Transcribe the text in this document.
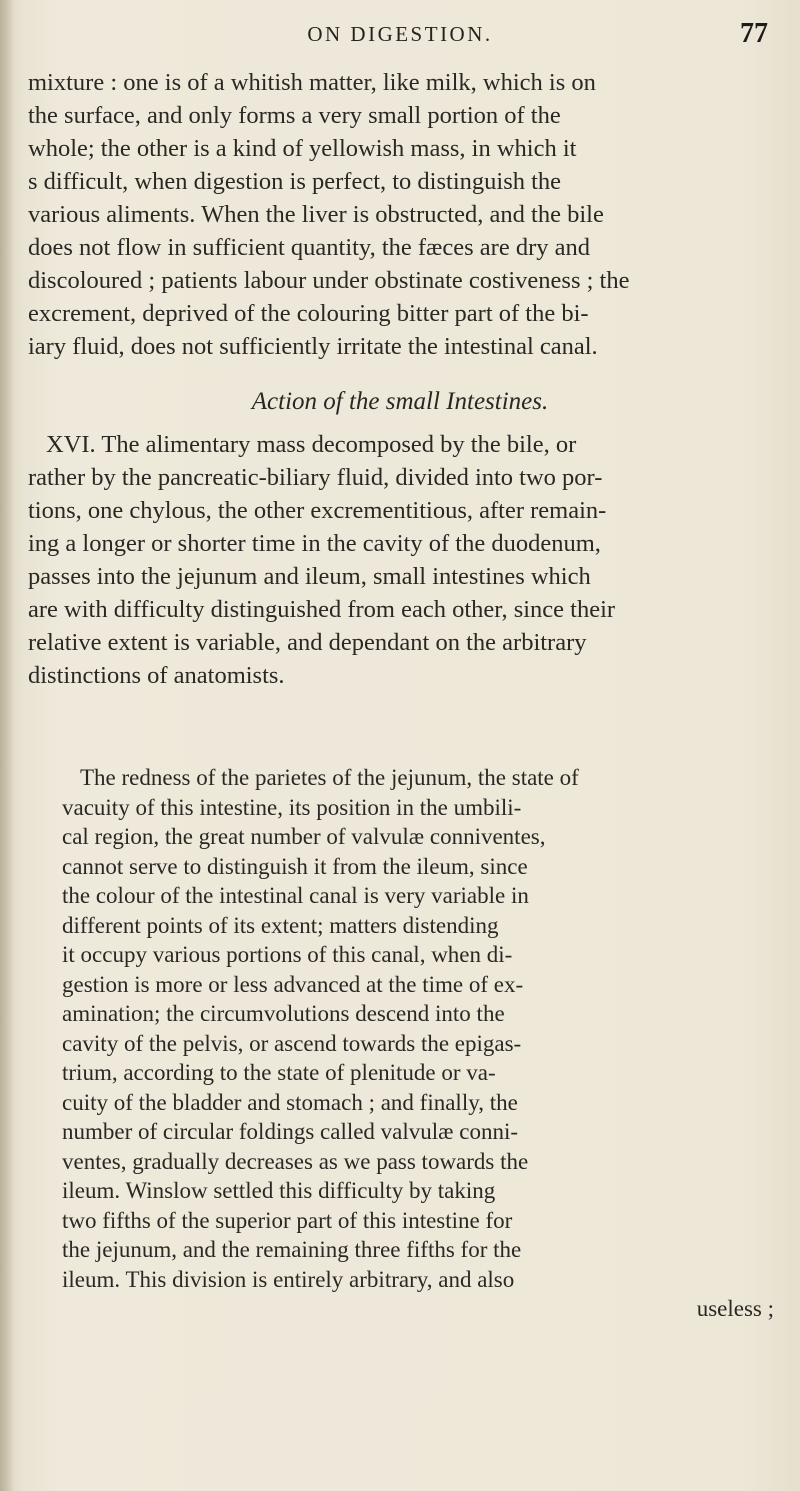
ON DIGESTION.	77
mixture : one is of a whitish matter, like milk, which is on
the surface, and only forms a very small portion of the
whole; the other is a kind of yellowish mass, in which it
s difficult, when digestion is perfect, to distinguish the
various aliments. When the liver is obstructed, and the bile
does not flow in sufficient quantity, the fæces are dry and
discoloured ; patients labour under obstinate costiveness ; the
excrement, deprived of the colouring bitter part of the bi-
iary fluid, does not sufficiently irritate the intestinal canal.
Action of the small Intestines.
XVI. The alimentary mass decomposed by the bile, or
rather by the pancreatic-biliary fluid, divided into two por-
tions, one chylous, the other excrementitious, after remain-
ing a longer or shorter time in the cavity of the duodenum,
passes into the jejunum and ileum, small intestines which
are with difficulty distinguished from each other, since their
relative extent is variable, and dependant on the arbitrary
distinctions of anatomists.
The redness of the parietes of the jejunum, the state of
vacuity of this intestine, its position in the umbili-
cal region, the great number of valvulæ conniventes,
cannot serve to distinguish it from the ileum, since
the colour of the intestinal canal is very variable in
different points of its extent; matters distending
it occupy various portions of this canal, when di-
gestion is more or less advanced at the time of ex-
amination; the circumvolutions descend into the
cavity of the pelvis, or ascend towards the epigas-
trium, according to the state of plenitude or va-
cuity of the bladder and stomach ; and finally, the
number of circular foldings called valvulæ conni-
ventes, gradually decreases as we pass towards the
ileum. Winslow settled this difficulty by taking
two fifths of the superior part of this intestine for
the jejunum, and the remaining three fifths for the
ileum. This division is entirely arbitrary, and also
useless ;
